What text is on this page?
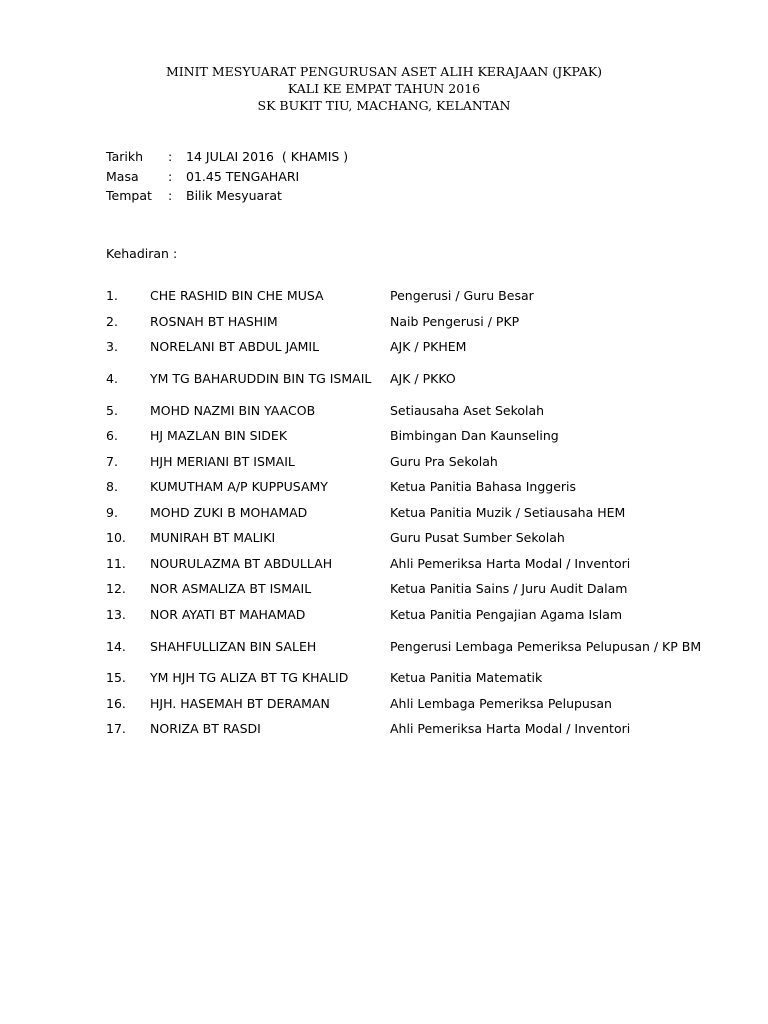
MINIT MESYUARAT PENGURUSAN ASET ALIH KERAJAAN (JKPAK)
KALI KE EMPAT TAHUN 2016
SK BUKIT TIU, MACHANG, KELANTAN
Tarikh : 14 JULAI 2016  ( KHAMIS )
Masa : 01.45 TENGAHARI
Tempat : Bilik Mesyuarat
Kehadiran :
1.	CHE RASHID BIN CHE MUSA	Pengerusi / Guru Besar
2.	ROSNAH BT HASHIM	Naib Pengerusi / PKP
3.	NORELANI BT ABDUL JAMIL	AJK / PKHEM
4.	YM TG BAHARUDDIN BIN TG ISMAIL	AJK / PKKO
5.	MOHD NAZMI BIN YAACOB	Setiausaha Aset Sekolah
6.	HJ MAZLAN BIN SIDEK	Bimbingan Dan Kaunseling
7.	HJH MERIANI BT ISMAIL	Guru Pra Sekolah
8.	KUMUTHAM A/P KUPPUSAMY	Ketua Panitia Bahasa Inggeris
9.	MOHD ZUKI B MOHAMAD	Ketua Panitia Muzik / Setiausaha HEM
10.	MUNIRAH BT MALIKI	Guru Pusat Sumber Sekolah
11.	NOURULAZMA BT ABDULLAH	Ahli Pemeriksa Harta Modal / Inventori
12.	NOR ASMALIZA BT ISMAIL	Ketua Panitia Sains / Juru Audit Dalam
13.	NOR AYATI BT MAHAMAD	Ketua Panitia Pengajian Agama Islam
14.	SHAHFULLIZAN BIN SALEH	Pengerusi Lembaga Pemeriksa Pelupusan / KP BM
15.	YM HJH TG ALIZA BT TG KHALID	Ketua Panitia Matematik
16.	HJH. HASEMAH BT DERAMAN	Ahli Lembaga Pemeriksa Pelupusan
17.	NORIZA BT RASDI	Ahli Pemeriksa Harta Modal / Inventori
